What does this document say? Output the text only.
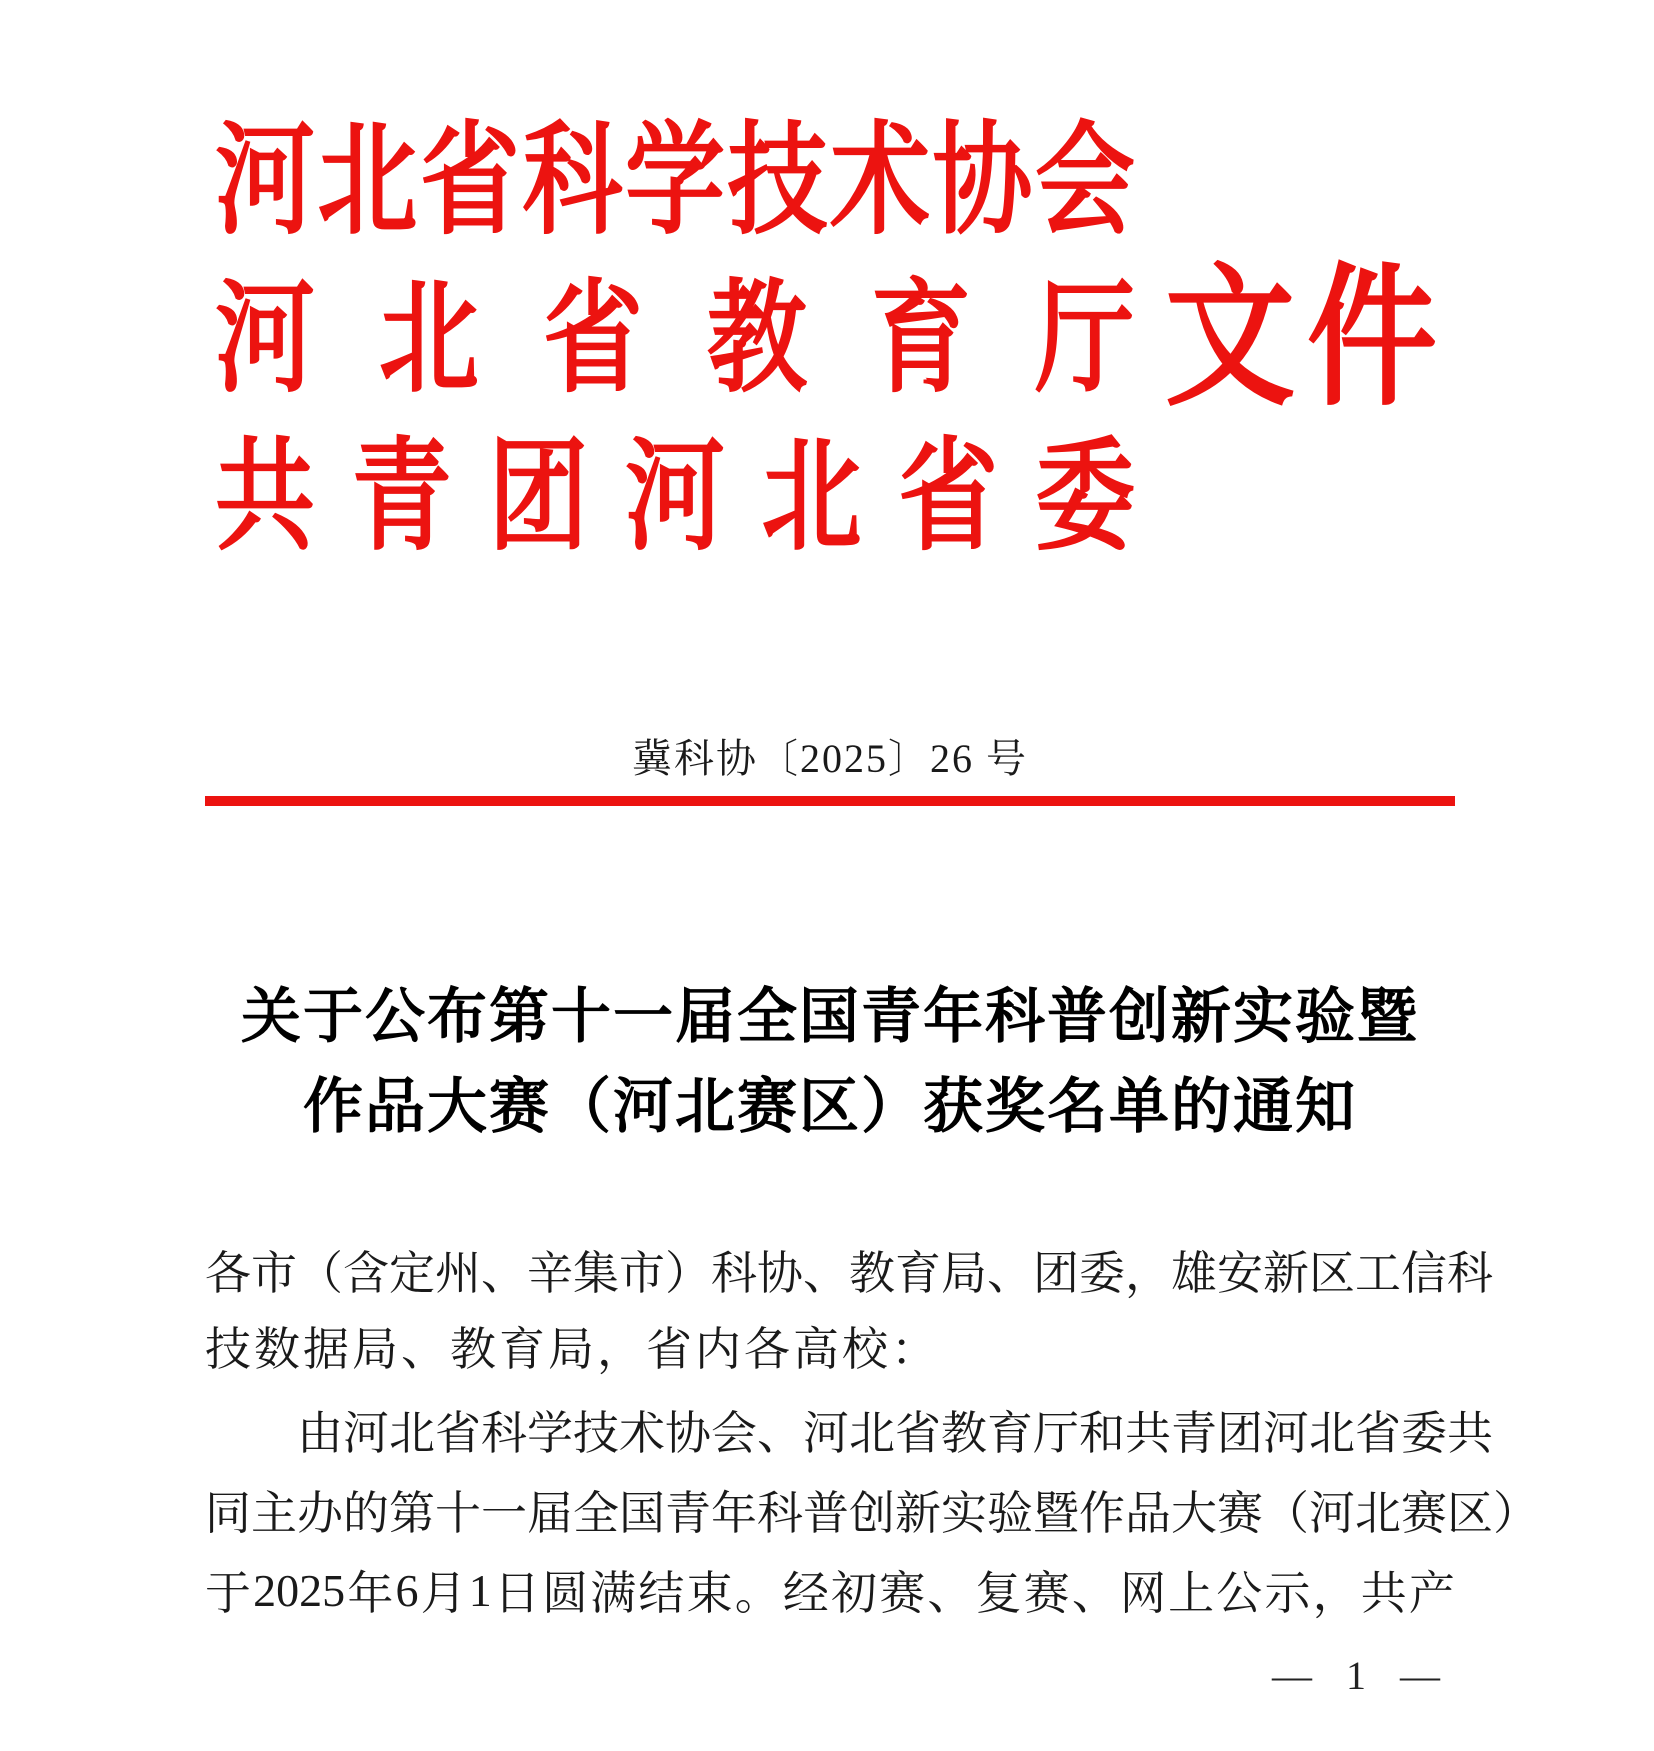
河 北 省 科 学 技 术 协 会
河 北 省 教 育 厅
共 青 团 河 北 省 委
文件
冀科协〔2025〕26 号
关于公布第十一届全国青年科普创新实验暨
作品大赛（河北赛区）获奖名单的通知
各 市 （ 含 定 州 、 辛 集 市 ） 科 协 、 教 育 局 、 团 委 ， 雄 安 新 区 工 信 科
技数据局、教育局，省内各高校：
由 河 北 省 科 学 技 术 协 会 、 河 北 省 教 育 厅 和 共 青 团 河 北 省 委 共
同 主 办 的 第 十 一 届 全 国 青 年 科 普 创 新 实 验 暨 作 品 大 赛 （ 河 北 赛 区 ）
于 2025 年 6 月 1 日 圆 满 结 束 。 经 初 赛 、 复 赛 、 网 上 公 示 ， 共 产
— 1 —
